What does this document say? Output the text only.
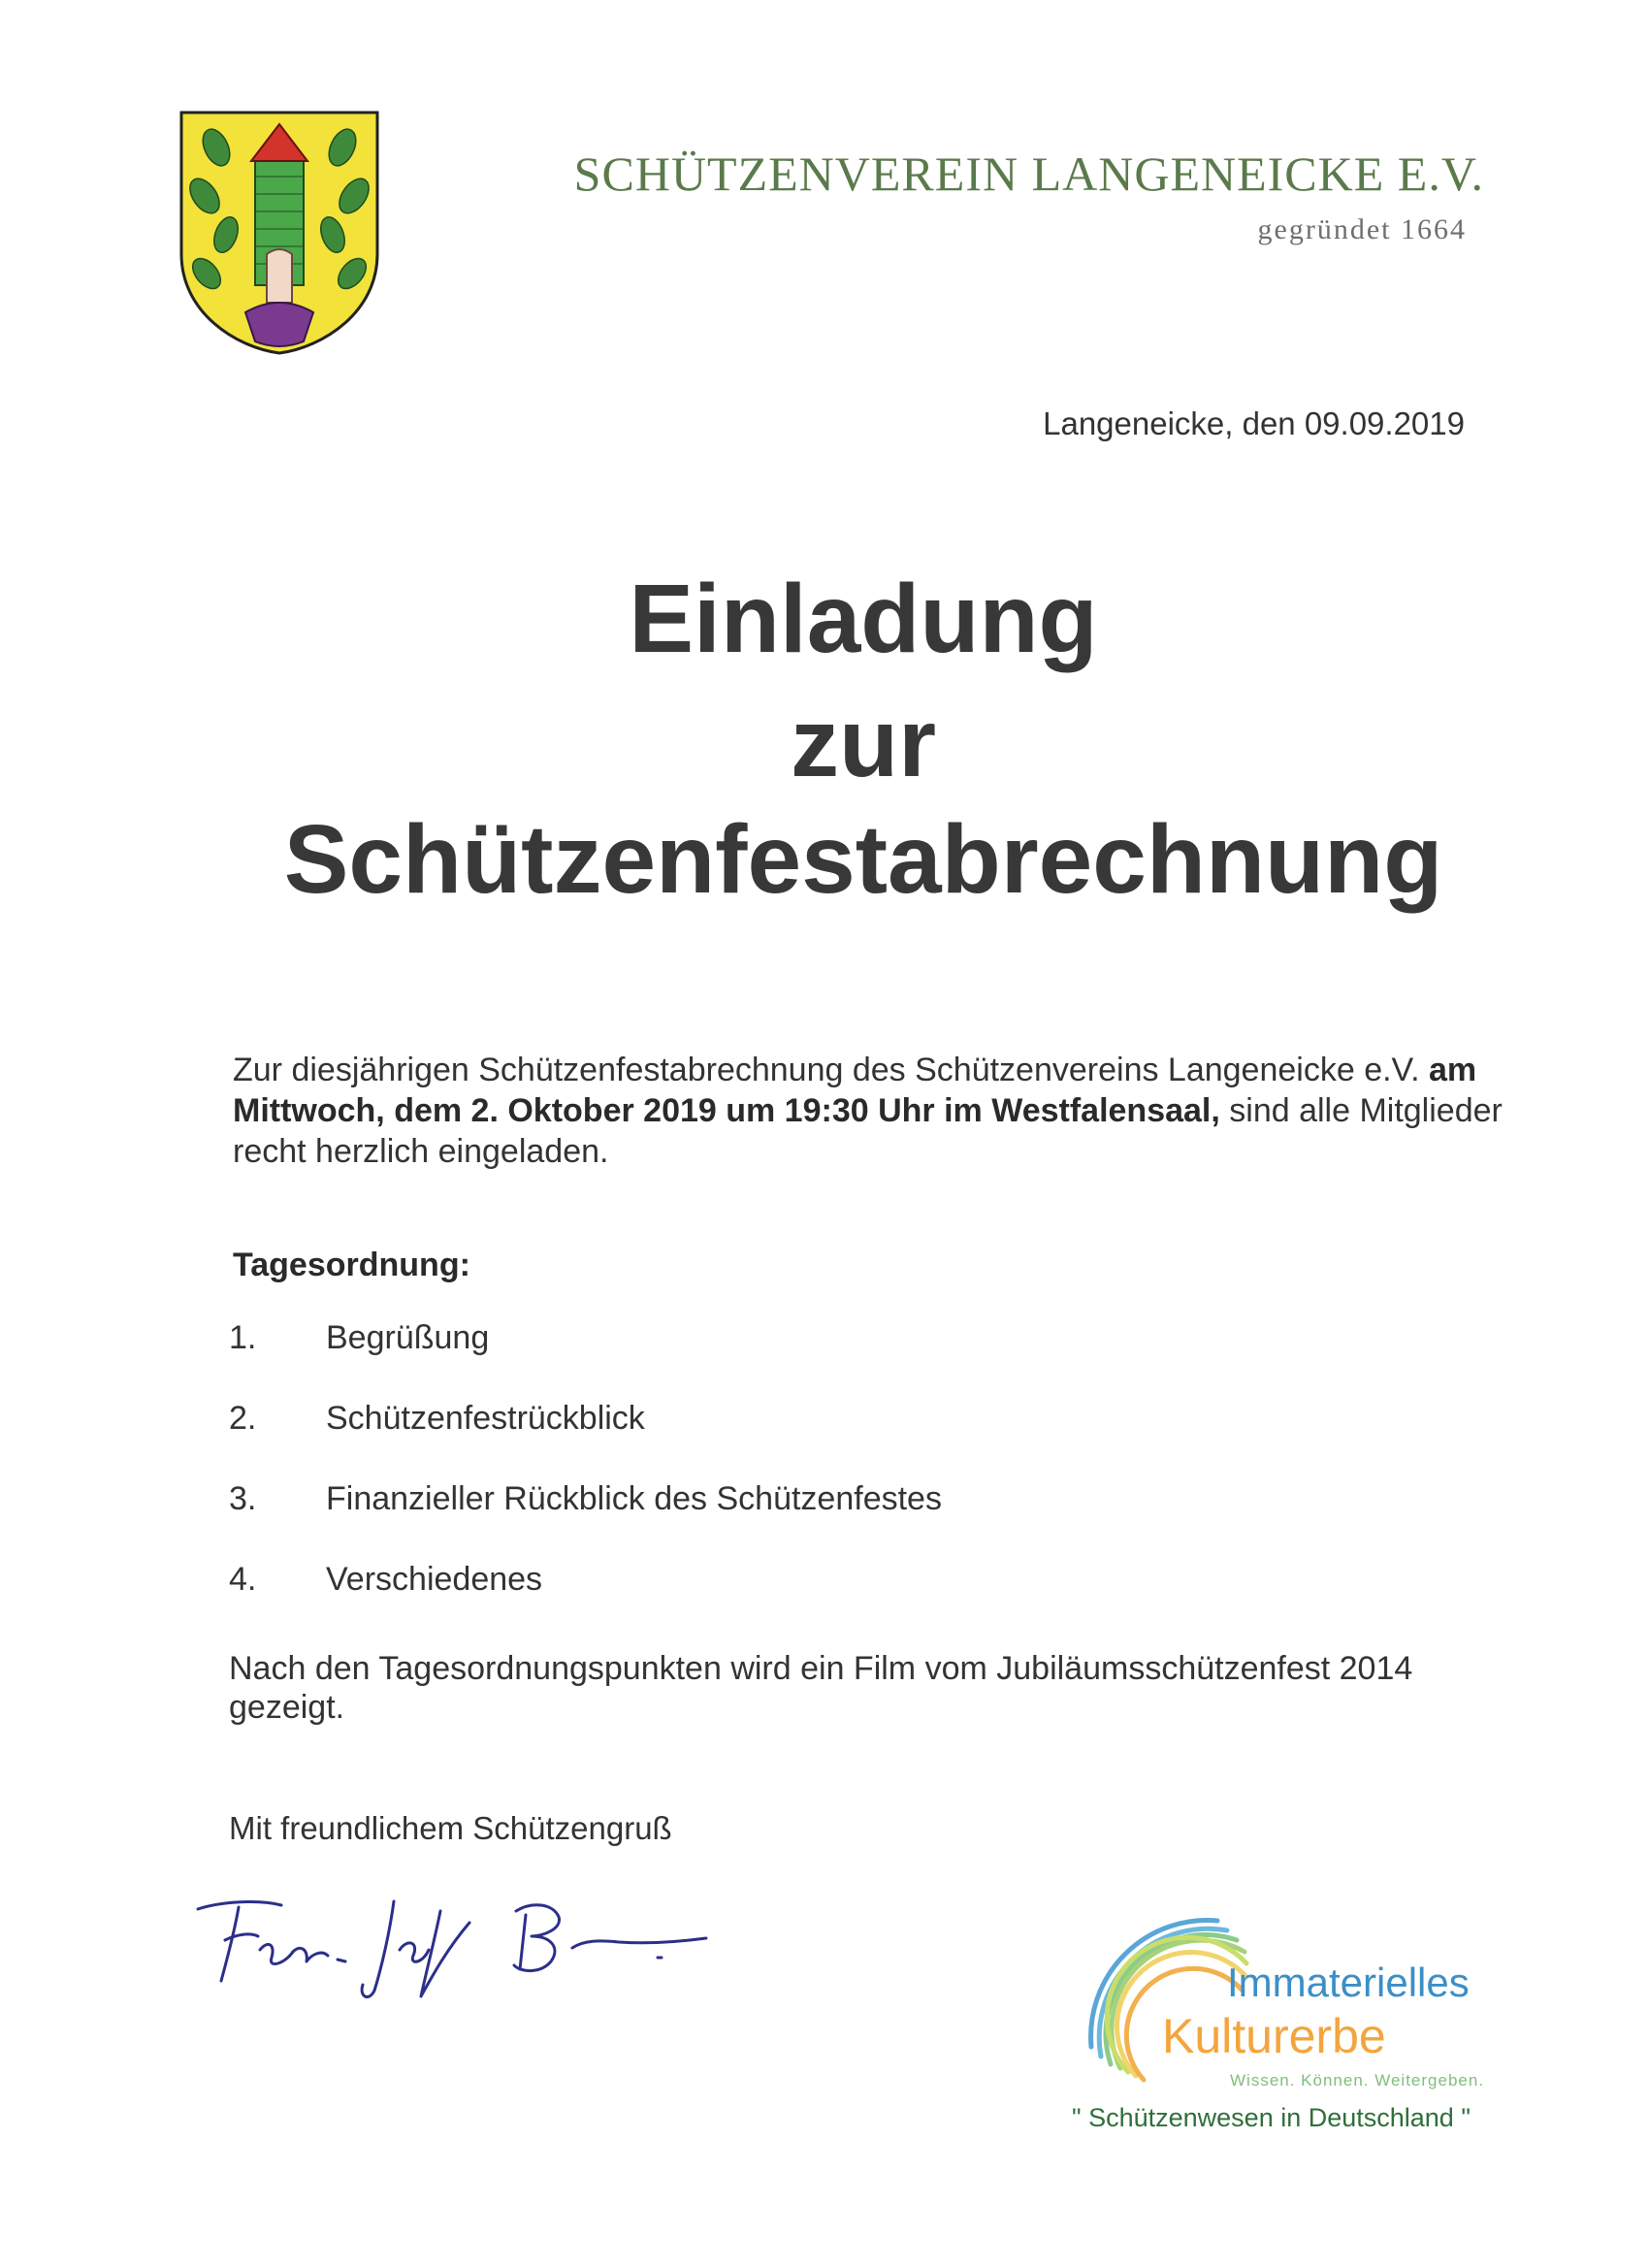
SCHÜTZENVEREIN LANGENEICKE E.V.
gegründet 1664
Langeneicke, den 09.09.2019
Einladung
zur
Schützenfestabrechnung
Zur diesjährigen Schützenfestabrechnung des Schützenvereins Langeneicke e.V. am Mittwoch, dem 2. Oktober 2019 um 19:30 Uhr im Westfalensaal, sind alle Mitglieder recht herzlich eingeladen.
Tagesordnung:
1.	Begrüßung
2.	Schützenfestrückblick
3.	Finanzieller Rückblick des Schützenfestes
4.	Verschiedenes
Nach den Tagesordnungspunkten wird ein Film vom Jubiläumsschützenfest 2014 gezeigt.
Mit freundlichem Schützengruß
Immaterielles
Kulturerbe
Wissen. Können. Weitergeben.
" Schützenwesen in Deutschland "
